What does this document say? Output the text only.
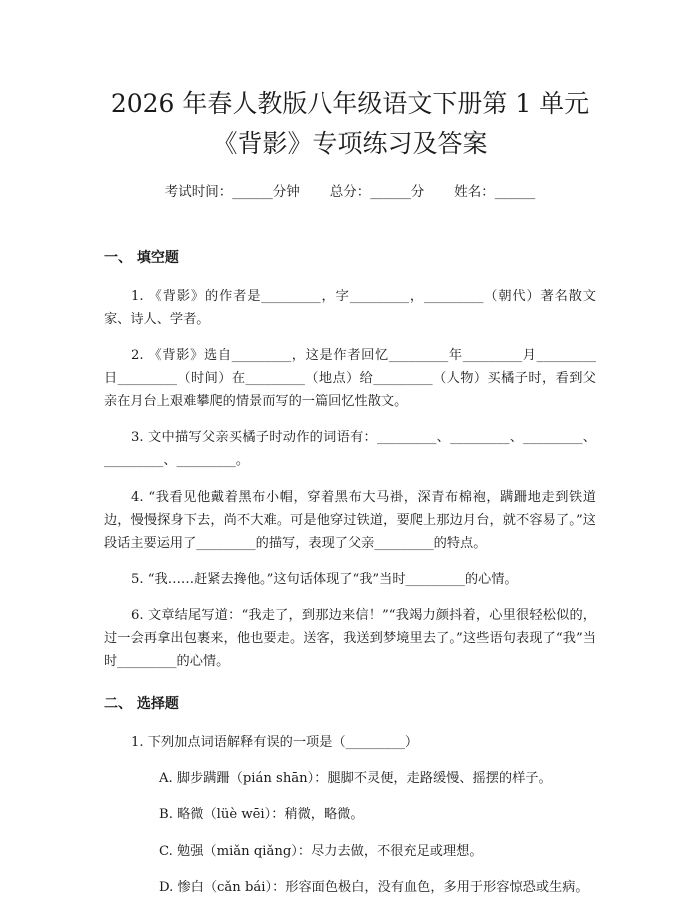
2026 年春人教版八年级语文下册第 1 单元
《背影》专项练习及答案
考试时间：______分钟 总分：______分 姓名：______
一、 填空题

1. 《背影》的作者是_________，字_________，_________（朝代）著名散文家、诗人、学者。

2. 《背影》选自_________，这是作者回忆_________年_________月_________日_________（时间）在_________（地点）给_________（人物）买橘子时，看到父亲在月台上艰难攀爬的情景而写的一篇回忆性散文。

3. 文中描写父亲买橘子时动作的词语有：_________、_________、_________、_________、_________。

4. “我看见他戴着黑布小帽，穿着黑布大马褂，深青布棉袍，蹒跚地走到铁道边，慢慢探身下去，尚不大难。可是他穿过铁道，要爬上那边月台，就不容易了。”这段话主要运用了_________的描写，表现了父亲_________的特点。

5. “我……赶紧去搀他。”这句话体现了“我”当时_________的心情。

6. 文章结尾写道：“我走了，到那边来信！”“我竭力颜抖着，心里很轻松似的，过一会再拿出包裹来，他也要走。送客，我送到梦境里去了。”这些语句表现了“我”当时_________的心情。

二、 选择题

1. 下列加点词语解释有误的一项是（_________）

A. 脚步蹒跚（pián shān）：腿脚不灵便，走路缓慢、摇摆的样子。

B. 略微（lüè wēi）：稍微，略微。

C. 勉强（miǎn qiǎng）：尽力去做，不很充足或理想。

D. 惨白（cǎn bái）：形容面色极白，没有血色，多用于形容惊恐或生病。
